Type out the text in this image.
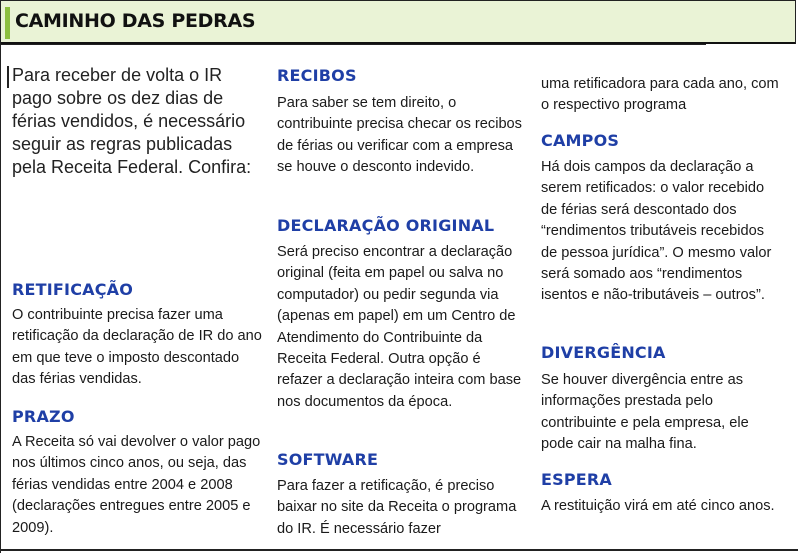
CAMINHO DAS PEDRAS

Para receber de volta o IR pago sobre os dez dias de férias vendidos, é necessário seguir as regras publicadas pela Receita Federal. Confira:

RETIFICAÇÃO

O contribuinte precisa fazer uma retificação da declaração de IR do ano em que teve o imposto descontado das férias vendidas.

PRAZO

A Receita só vai devolver o valor pago nos últimos cinco anos, ou seja, das férias vendidas entre 2004 e 2008 (declarações entregues entre 2005 e 2009).

RECIBOS

Para saber se tem direito, o contribuinte precisa checar os recibos de férias ou verificar com a empresa se houve o desconto indevido.

DECLARAÇÃO ORIGINAL

Será preciso encontrar a declaração original (feita em papel ou salva no computador) ou pedir segunda via (apenas em papel) em um Centro de Atendimento do Contribuinte da Receita Federal. Outra opção é refazer a declaração inteira com base nos documentos da época.

SOFTWARE

Para fazer a retificação, é preciso baixar no site da Receita o programa do IR. É necessário fazer

uma retificadora para cada ano, com o respectivo programa

CAMPOS

Há dois campos da declaração a serem retificados: o valor recebido de férias será descontado dos “rendimentos tributáveis recebidos de pessoa jurídica”. O mesmo valor será somado aos “rendimentos isentos e não-tributáveis – outros”.

DIVERGÊNCIA

Se houver divergência entre as informações prestada pelo contribuinte e pela empresa, ele pode cair na malha fina.

ESPERA

A restituição virá em até cinco anos.
